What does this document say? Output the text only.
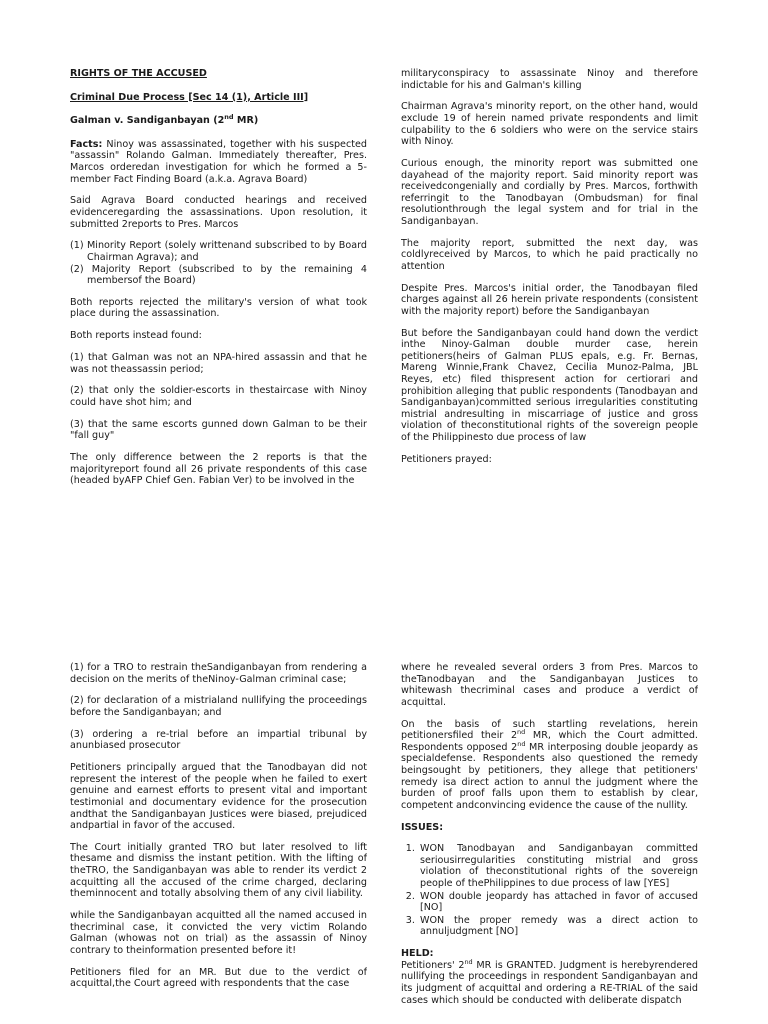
RIGHTS OF THE ACCUSED

Criminal Due Process [Sec 14 (1), Article III]

Galman v. Sandiganbayan (2nd MR)

Facts: Ninoy was assassinated, together with his suspected "assassin" Rolando Galman. Immediately thereafter, Pres. Marcos orderedan investigation for which he formed a 5-member Fact Finding Board (a.k.a. Agrava Board)

Said Agrava Board conducted hearings and received evidenceregarding the assassinations. Upon resolution, it submitted 2reports to Pres. Marcos

(1) Minority Report (solely writtenand subscribed to by Board Chairman Agrava); and
(2) Majority Report (subscribed to by the remaining 4 membersof the Board)

Both reports rejected the military's version of what took place during the assassination.

Both reports instead found:

(1) that Galman was not an NPA-hired assassin and that he was not theassassin period;

(2) that only the soldier-escorts in thestaircase with Ninoy could have shot him; and

(3) that the same escorts gunned down Galman to be their "fall guy"

The only difference between the 2 reports is that the majorityreport found all 26 private respondents of this case (headed byAFP Chief Gen. Fabian Ver) to be involved in the

militaryconspiracy to assassinate Ninoy and therefore indictable for his and Galman's killing

Chairman Agrava's minority report, on the other hand, would exclude 19 of herein named private respondents and limit culpability to the 6 soldiers who were on the service stairs with Ninoy.

Curious enough, the minority report was submitted one dayahead of the majority report. Said minority report was receivedcongenially and cordially by Pres. Marcos, forthwith referringit to the Tanodbayan (Ombudsman) for final resolutionthrough the legal system and for trial in the Sandiganbayan.

The majority report, submitted the next day, was coldlyreceived by Marcos, to which he paid practically no attention

Despite Pres. Marcos's initial order, the Tanodbayan filed charges against all 26 herein private respondents (consistent with the majority report) before the Sandiganbayan

But before the Sandiganbayan could hand down the verdict inthe Ninoy-Galman double murder case, herein petitioners(heirs of Galman PLUS epals, e.g. Fr. Bernas, Mareng Winnie,Frank Chavez, Cecilia Munoz-Palma, JBL Reyes, etc) filed thispresent action for certiorari and prohibition alleging that public respondents (Tanodbayan and Sandiganbayan)committed serious irregularities constituting mistrial andresulting in miscarriage of justice and gross violation of theconstitutional rights of the sovereign people of the Philippinesto due process of law

Petitioners prayed:

(1) for a TRO to restrain theSandiganbayan from rendering a decision on the merits of theNinoy-Galman criminal case;

(2) for declaration of a mistrialand nullifying the proceedings before the Sandiganbayan; and

(3) ordering a re-trial before an impartial tribunal by anunbiased prosecutor

Petitioners principally argued that the Tanodbayan did not represent the interest of the people when he failed to exert genuine and earnest efforts to present vital and important testimonial and documentary evidence for the prosecution andthat the Sandiganbayan Justices were biased, prejudiced andpartial in favor of the accused.

The Court initially granted TRO but later resolved to lift thesame and dismiss the instant petition. With the lifting of theTRO, the Sandiganbayan was able to render its verdict 2 acquitting all the accused of the crime charged, declaring theminnocent and totally absolving them of any civil liability.

while the Sandiganbayan acquitted all the named accused in thecriminal case, it convicted the very victim Rolando Galman (whowas not on trial) as the assassin of Ninoy contrary to theinformation presented before it!

Petitioners filed for an MR. But due to the verdict of acquittal,the Court agreed with respondents that the case

where he revealed several orders 3 from Pres. Marcos to theTanodbayan and the Sandiganbayan Justices to whitewash thecriminal cases and produce a verdict of acquittal.

On the basis of such startling revelations, herein petitionersfiled their 2nd MR, which the Court admitted. Respondents opposed 2nd MR interposing double jeopardy as specialdefense. Respondents also questioned the remedy beingsought by petitioners, they allege that petitioners' remedy isa direct action to annul the judgment where the burden of proof falls upon them to establish by clear, competent andconvincing evidence the cause of the nullity.

ISSUES:

1. WON Tanodbayan and Sandiganbayan committed seriousirregularities constituting mistrial and gross violation of theconstitutional rights of the sovereign people of thePhilippines to due process of law [YES]
2. WON double jeopardy has attached in favor of accused [NO]
3. WON the proper remedy was a direct action to annuljudgment [NO]

HELD:

Petitioners' 2nd MR is GRANTED. Judgment is herebyrendered nullifying the proceedings in respondent Sandiganbayan and its judgment of acquittal and ordering a RE-TRIAL of the said cases which should be conducted with deliberate dispatch
